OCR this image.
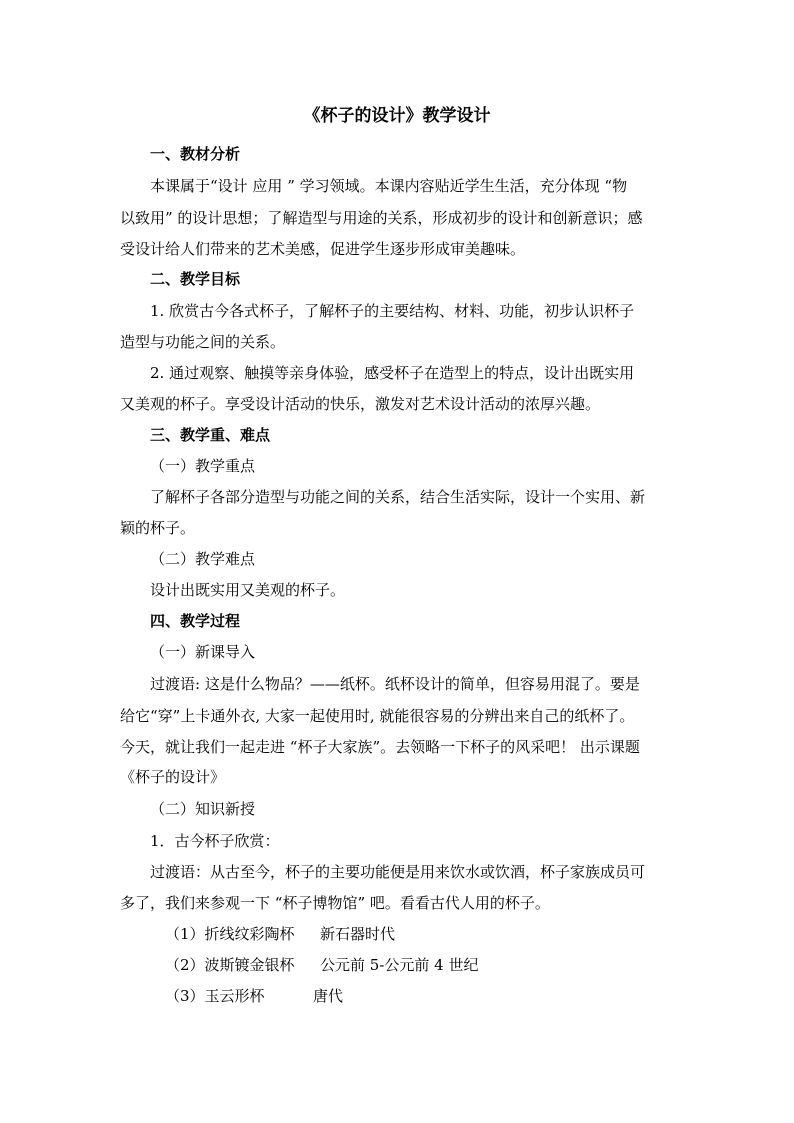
《杯子的设计》教学设计
一、教材分析
本课属于“设计 应用 ” 学习领域。本课内容贴近学生生活，充分体现 “物
以致用” 的设计思想；了解造型与用途的关系，形成初步的设计和创新意识；感
受设计给人们带来的艺术美感，促进学生逐步形成审美趣味。
二、教学目标
1. 欣赏古今各式杯子，了解杯子的主要结构、材料、功能，初步认识杯子
造型与功能之间的关系。
2. 通过观察、触摸等亲身体验，感受杯子在造型上的特点，设计出既实用
又美观的杯子。享受设计活动的快乐，激发对艺术设计活动的浓厚兴趣。
三、教学重、难点
（一）教学重点
了解杯子各部分造型与功能之间的关系，结合生活实际，设计一个实用、新
颖的杯子。
（二）教学难点
设计出既实用又美观的杯子。
四、教学过程
（一）新课导入
过渡语: 这是什么物品？——纸杯。纸杯设计的简单，但容易用混了。要是
给它“穿”上卡通外衣, 大家一起使用时, 就能很容易的分辨出来自己的纸杯了。
今天，就让我们一起走进 “杯子大家族”。去领略一下杯子的风采吧！ 出示课题
《杯子的设计》
（二）知识新授
1．古今杯子欣赏：
过渡语：从古至今，杯子的主要功能便是用来饮水或饮酒，杯子家族成员可
多了，我们来参观一下 “杯子博物馆” 吧。看看古代人用的杯子。
（1）折线纹彩陶杯 新石器时代
（2）波斯镀金银杯 公元前 5-公元前 4 世纪
（3）玉云形杯	唐代
